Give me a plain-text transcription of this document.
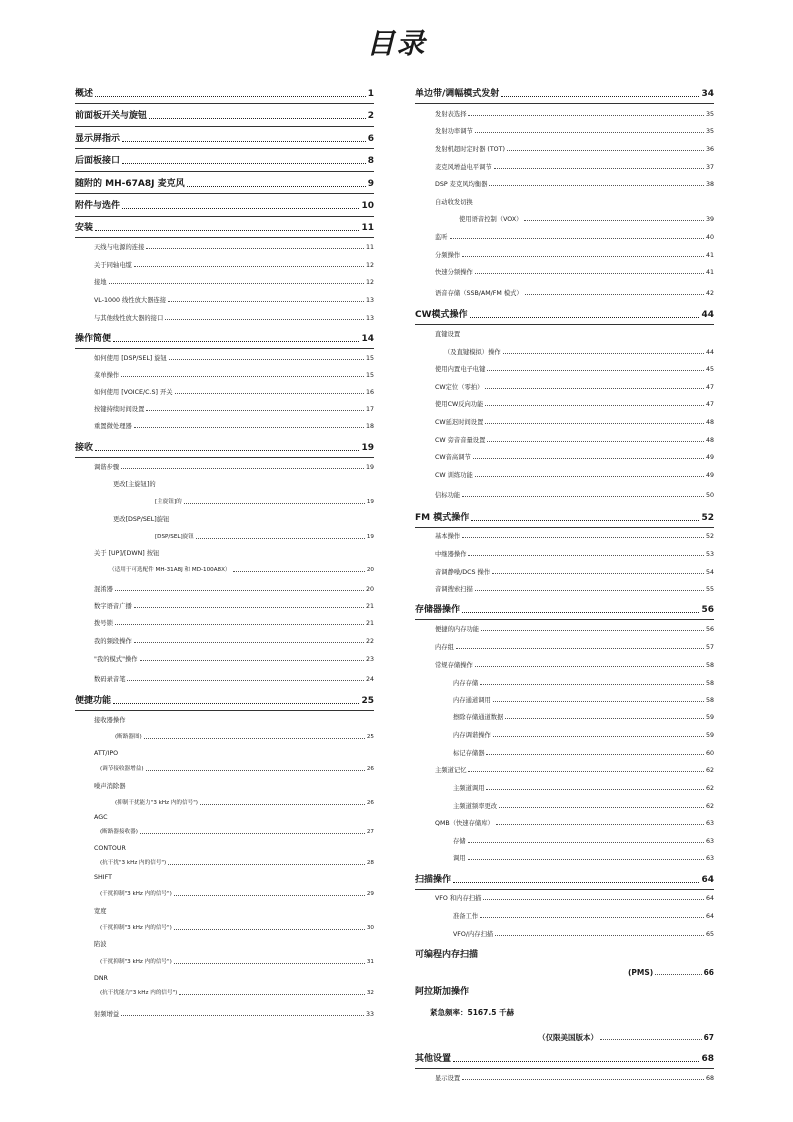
目录
概述	1
前面板开关与旋钮	2
显示屏指示	6
后面板接口	8
随附的 MH-67A8J 麦克风	9
附件与选件	10
安装	11
天线与电源的连接	11
关于同轴电缆	12
接地	12
VL-1000 线性放大器连接	13
与其他线性放大器的接口	13
操作简便	14
如何使用 [DSP/SEL] 旋钮	15
菜单操作	15
如何使用 [VOICE/C.S] 开关	16
按键持续时间设置	17
重置微处理器	18
接收	19
调谐步骤	19
更改[主旋钮]的
[主旋钮]的	19
更改[DSP/SEL]旋钮
[DSP/SEL]旋钮	19
关于 [UP]/[DWN] 按钮
（适用于可选配件 MH-31A8J 和 MD-100A8X）	20
混淆器	20
数字语音广播	21
拨号锁	21
我的频段操作	22
"我的模式"操作	23
数码录音笔	24
便捷功能	25
接收器操作
(断路器图)	25
ATT/IPO
(调节接收器增益)	26
噪声消除器
(抑制干扰能力"3 kHz 内的信号")	26
AGC
(断路器接收器)	27
CONTOUR
(抗干扰"3 kHz 内的信号")	28
SHIFT
(干扰抑制"3 kHz 内的信号")	29
宽度
(干扰抑制"3 kHz 内的信号")	30
陷波
(干扰抑制"3 kHz 内的信号")	31
DNR
(抗干扰能力"3 kHz 内的信号")	32
射频增益	33
单边带/调幅模式发射	34
发射表选择	35
发射功率调节	35
发射机超时定时器 (TOT)	36
麦克风增益电平调节	37
DSP 麦克风均衡器	38
自动收发切换
使用语音控制（VOX）	39
监听	40
分频操作	41
快速分频操作	41
语音存储（SSB/AM/FM 模式）	42
CW模式操作	44
直键设置
（及直键模拟）操作	44
使用内置电子电键	45
CW定位（零拍）	47
使用CW反向功能	47
CW延迟时间设置	48
CW 旁音音量设置	48
CW音高调节	49
CW 训练功能	49
信标功能	50
FM 模式操作	52
基本操作	52
中继器操作	53
音调静噪/DCS 操作	54
音调搜索扫描	55
存储器操作	56
便捷的内存功能	56
内存组	57
常规存储操作	58
内存存储	58
内存通道调用	58
擦除存储通道数据	59
内存调谐操作	59
标记存储器	60
主频道记忆	62
主频道调用	62
主频道频率更改	62
QMB（快速存储库）	63
存储	63
调用	63
扫描操作	64
VFO 和内存扫描	64
准备工作	64
VFO/内存扫描	65
可编程内存扫描
(PMS)	66
阿拉斯加操作
紧急频率：5167.5 千赫
（仅限美国版本）	67
其他设置	68
显示设置	68
